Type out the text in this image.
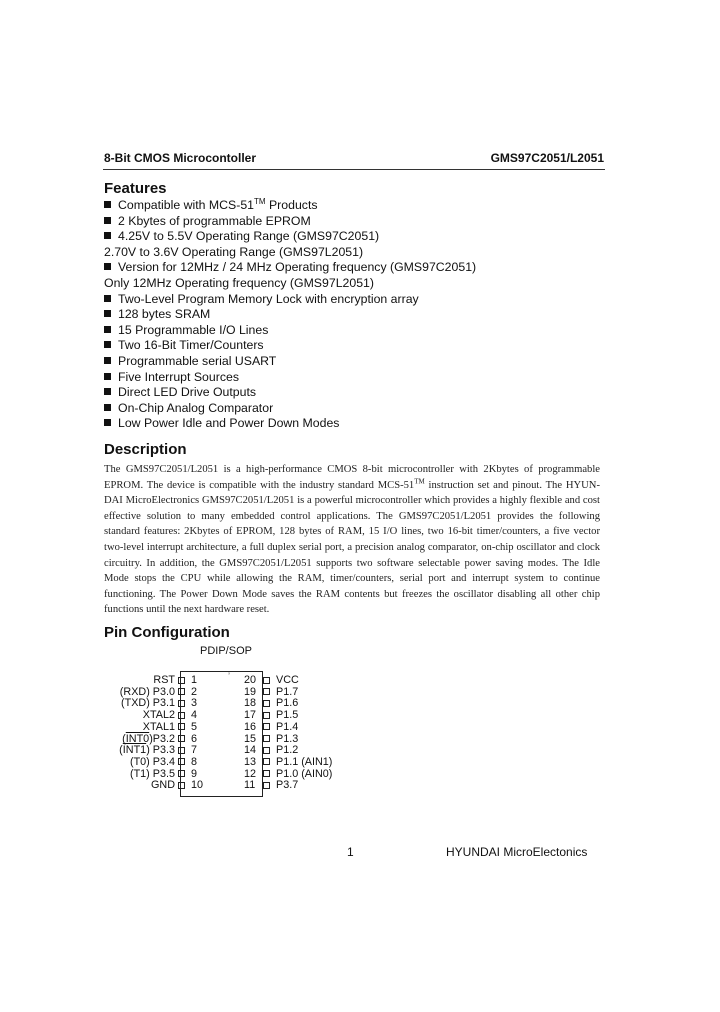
8-Bit CMOS Microcontoller	GMS97C2051/L2051
Features
Compatible with MCS-51™ Products
2 Kbytes of programmable EPROM
4.25V to 5.5V Operating Range (GMS97C2051)
2.70V to 3.6V Operating Range (GMS97L2051)
Version for 12MHz / 24 MHz Operating frequency (GMS97C2051)
Only 12MHz Operating frequency (GMS97L2051)
Two-Level Program Memory Lock with encryption array
128 bytes SRAM
15 Programmable I/O Lines
Two 16-Bit Timer/Counters
Programmable serial USART
Five Interrupt Sources
Direct LED Drive Outputs
On-Chip Analog Comparator
Low Power Idle and Power Down Modes
Description
The GMS97C2051/L2051 is a high-performance CMOS 8-bit microcontroller with 2Kbytes of programmable EPROM. The device is compatible with the industry standard MCS-51™ instruction set and pinout. The HYUN-DAI MicroElectronics GMS97C2051/L2051 is a powerful microcontroller which provides a highly flexible and cost effective solution to many embedded control applications. The GMS97C2051/L2051 provides the following standard features: 2Kbytes of EPROM, 128 bytes of RAM, 15 I/O lines, two 16-bit timer/counters, a five vector two-level interrupt architecture, a full duplex serial port, a precision analog comparator, on-chip oscillator and clock circuitry. In addition, the GMS97C2051/L2051 supports two software selectable power saving modes. The Idle Mode stops the CPU while allowing the RAM, timer/counters, serial port and interrupt system to continue functioning. The Power Down Mode saves the RAM contents but freezes the oscillator disabling all other chip functions until the next hardware reset.
Pin Configuration
PDIP/SOP
’
RST 1
(RXD) P3.0 2
(TXD) P3.1 3
XTAL2 4
XTAL1 5
(INT0)P3.2 6
(INT1) P3.3 7
(T0) P3.4 8
(T1) P3.5 9
GND 10
20 VCC
19 P1.7
18 P1.6
17 P1.5
16 P1.4
15 P1.3
14 P1.2
13 P1.1 (AIN1)
12 P1.0 (AIN0)
11 P3.7
1	HYUNDAI MicroElectonics
